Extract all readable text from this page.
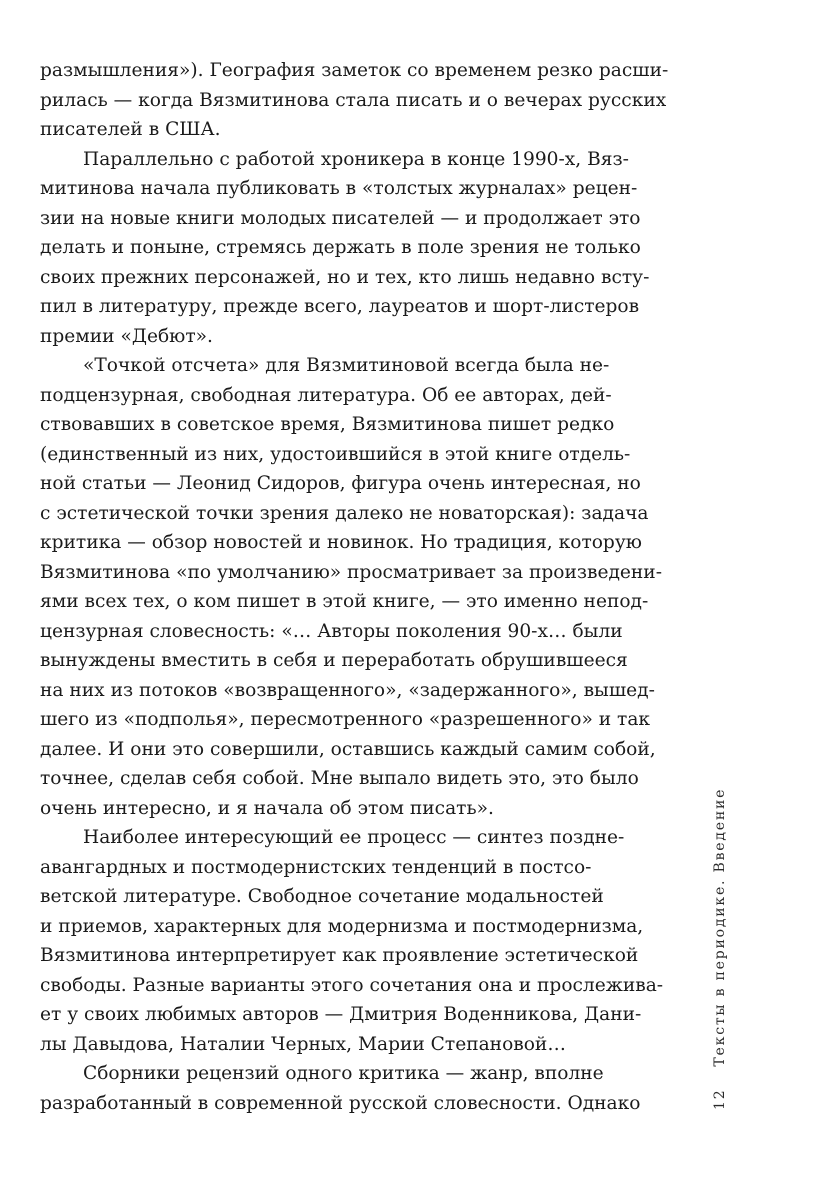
размышления»). География заметок со временем резко расши-
рилась — когда Вязмитинова стала писать и о вечерах русских
писателей в США.
Параллельно с работой хроникера в конце 1990-х, Вяз-
митинова начала публиковать в «толстых журналах» рецен-
зии на новые книги молодых писателей — и продолжает это
делать и поныне, стремясь держать в поле зрения не только
своих прежних персонажей, но и тех, кто лишь недавно всту-
пил в литературу, прежде всего, лауреатов и шорт-листеров
премии «Дебют».
«Точкой отсчета» для Вязмитиновой всегда была не-
подцензурная, свободная литература. Об ее авторах, дей-
ствовавших в советское время, Вязмитинова пишет редко
(единственный из них, удостоившийся в этой книге отдель-
ной статьи — Леонид Сидоров, фигура очень интересная, но
с эстетической точки зрения далеко не новаторская): задача
критика — обзор новостей и новинок. Но традиция, которую
Вязмитинова «по умолчанию» просматривает за произведени-
ями всех тех, о ком пишет в этой книге, — это именно непод-
цензурная словесность: «… Авторы поколения 90-х… были
вынуждены вместить в себя и переработать обрушившееся
на них из потоков «возвращенного», «задержанного», вышед-
шего из «подполья», пересмотренного «разрешенного» и так
далее. И они это совершили, оставшись каждый самим собой,
точнее, сделав себя собой. Мне выпало видеть это, это было
очень интересно, и я начала об этом писать».
Наиболее интересующий ее процесс — синтез поздне-
авангардных и постмодернистских тенденций в постсо-
ветской литературе. Свободное сочетание модальностей
и приемов, характерных для модернизма и постмодернизма,
Вязмитинова интерпретирует как проявление эстетической
свободы. Разные варианты этого сочетания она и прослежива-
ет у своих любимых авторов — Дмитрия Воденникова, Дани-
лы Давыдова, Наталии Черных, Марии Степановой…
Сборники рецензий одного критика — жанр, вполне
разработанный в современной русской словесности. Однако	12
Тексты в периодике. Введение
